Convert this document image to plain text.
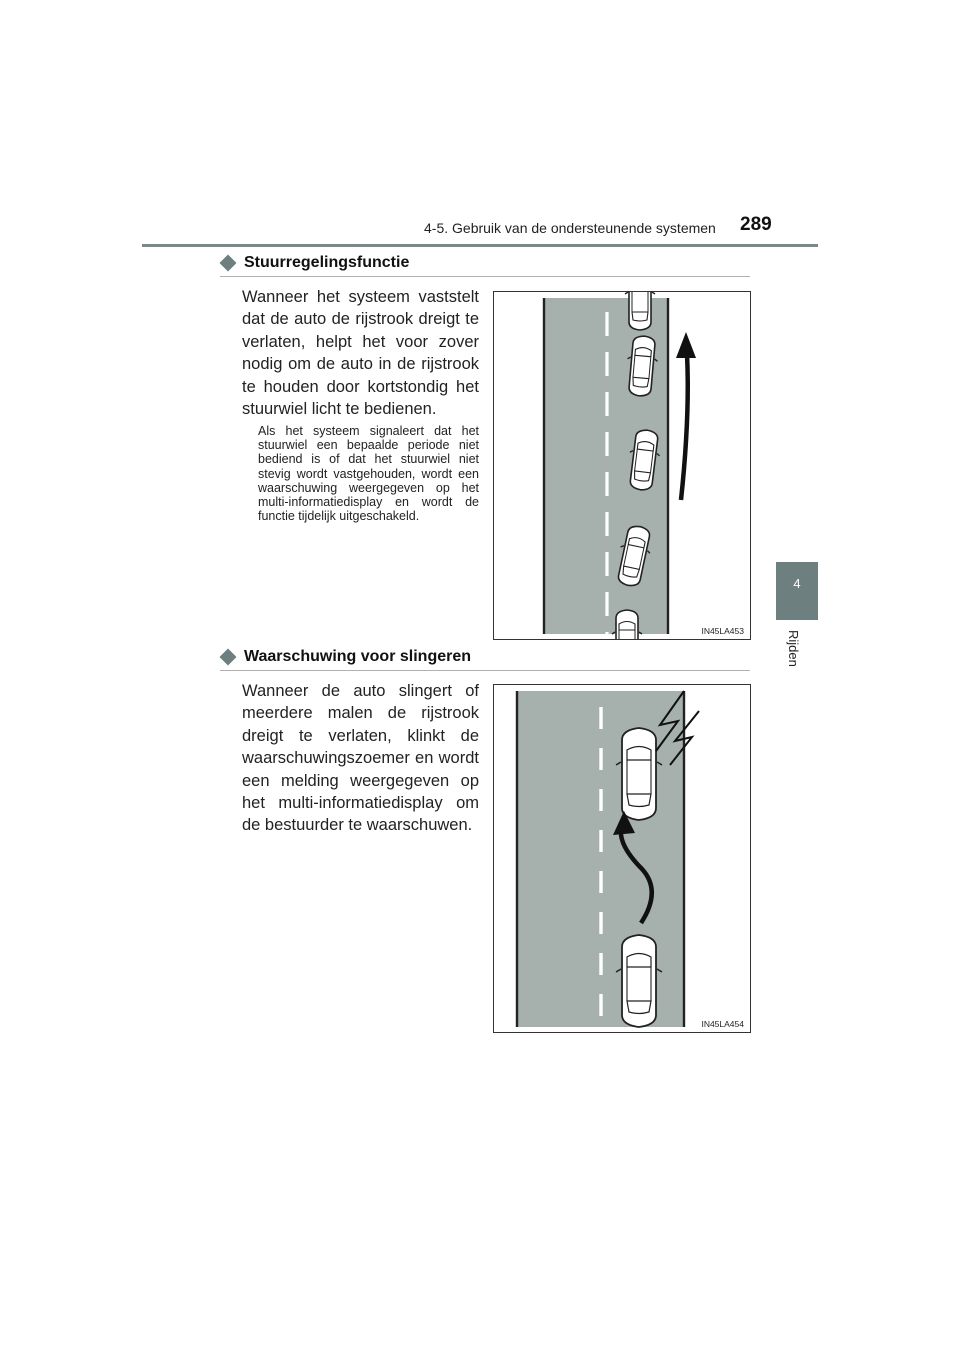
4-5. Gebruik van de ondersteunende systemen 289
4
Rijden
Stuurregelingsfunctie
Wanneer het systeem vaststelt dat de auto de rijstrook dreigt te verlaten, helpt het voor zover nodig om de auto in de rijstrook te houden door kortstondig het stuurwiel licht te bedienen.
Als het systeem signaleert dat het stuurwiel een bepaalde periode niet bediend is of dat het stuurwiel niet stevig wordt vastgehouden, wordt een waarschuwing weergegeven op het multi-informatiedisplay en wordt de functie tijdelijk uitgeschakeld.
IN45LA453
Waarschuwing voor slingeren
Wanneer de auto slingert of meerdere malen de rijstrook dreigt te verlaten, klinkt de waarschuwingszoemer en wordt een melding weergegeven op het multi-informatiedisplay om de bestuurder te waarschuwen.
IN45LA454
